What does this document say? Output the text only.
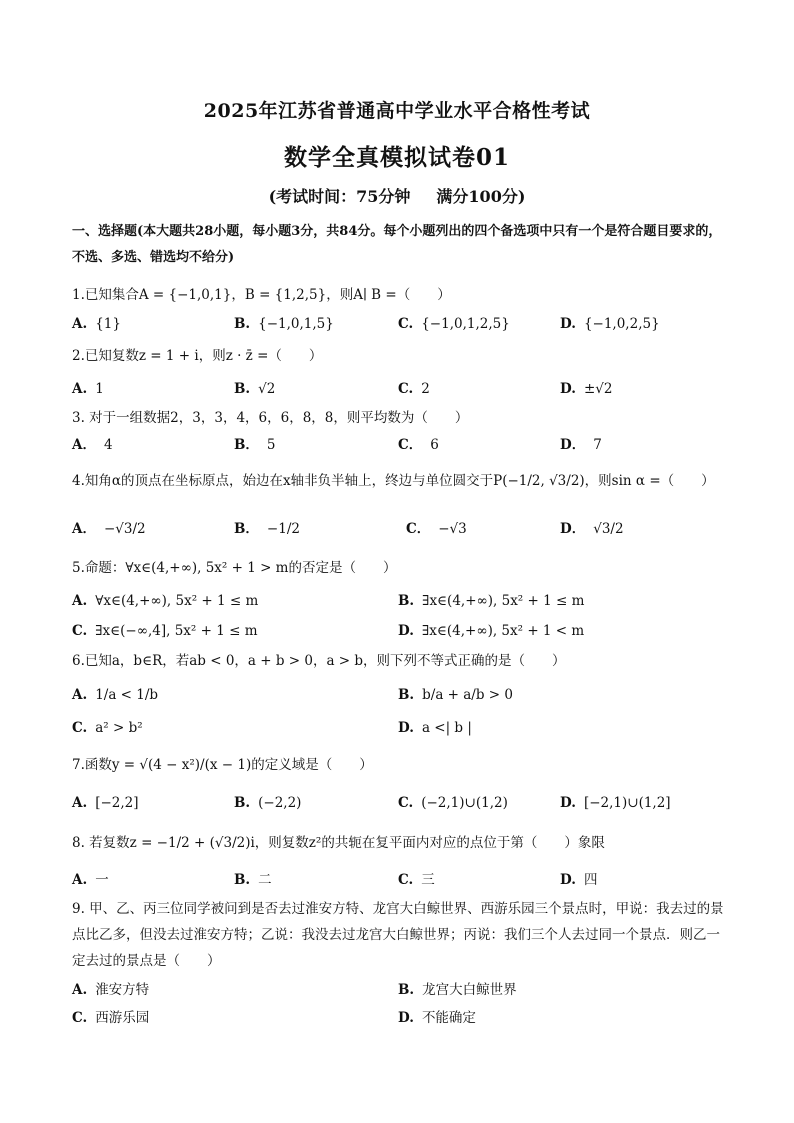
2025年江苏省普通高中学业水平合格性考试
数学全真模拟试卷01
(考试时间：75分钟 满分100分)
一、选择题(本大题共28小题，每小题3分，共84分。每个小题列出的四个备选项中只有一个是符合题目要求的，不选、多选、错选均不给分)
1.已知集合A = {−1,0,1}，B = {1,2,5}，则A∣ B =（　　）
A. {1}	B. {−1,0,1,5}	C. {−1,0,1,2,5}	D. {−1,0,2,5}
2.已知复数z = 1 + i，则z · z̄ =（　　）
A. 1	B. √2	C. 2	D. ±√2
3. 对于一组数据2，3，3，4，6，6，8，8，则平均数为（　　）
A． 4	B． 5	C． 6	D． 7
4.知角α的顶点在坐标原点，始边在x轴非负半轴上，终边与单位圆交于P(−1/2, √3/2)，则sin α =（　　）
A． −√3/2	B． −1/2	C． −√3	D． √3/2
5.命题：∀x∈(4,+∞), 5x² + 1 > m的否定是（　　）
A. ∀x∈(4,+∞), 5x² + 1 ≤ m	B. ∃x∈(4,+∞), 5x² + 1 ≤ m
C. ∃x∈(−∞,4], 5x² + 1 ≤ m	D. ∃x∈(4,+∞), 5x² + 1 < m
6.已知a，b∈R，若ab < 0，a + b > 0，a > b，则下列不等式正确的是（　　）
A. 1/a < 1/b	B. b/a + a/b > 0
C. a² > b²	D. a <| b |
7.函数y = √(4 − x²)/(x − 1)的定义域是（　　）
A. [−2,2]	B. (−2,2)	C. (−2,1)∪(1,2)	D. [−2,1)∪(1,2]
8. 若复数z = −1/2 + (√3/2)i，则复数z²的共轭在复平面内对应的点位于第（　　）象限
A. 一	B. 二	C. 三	D. 四
9. 甲、乙、丙三位同学被问到是否去过淮安方特、龙宫大白鲸世界、西游乐园三个景点时，甲说：我去过的景点比乙多，但没去过淮安方特；乙说：我没去过龙宫大白鲸世界；丙说：我们三个人去过同一个景点．则乙一定去过的景点是（　　）
A. 淮安方特	B. 龙宫大白鲸世界
C. 西游乐园	D. 不能确定
